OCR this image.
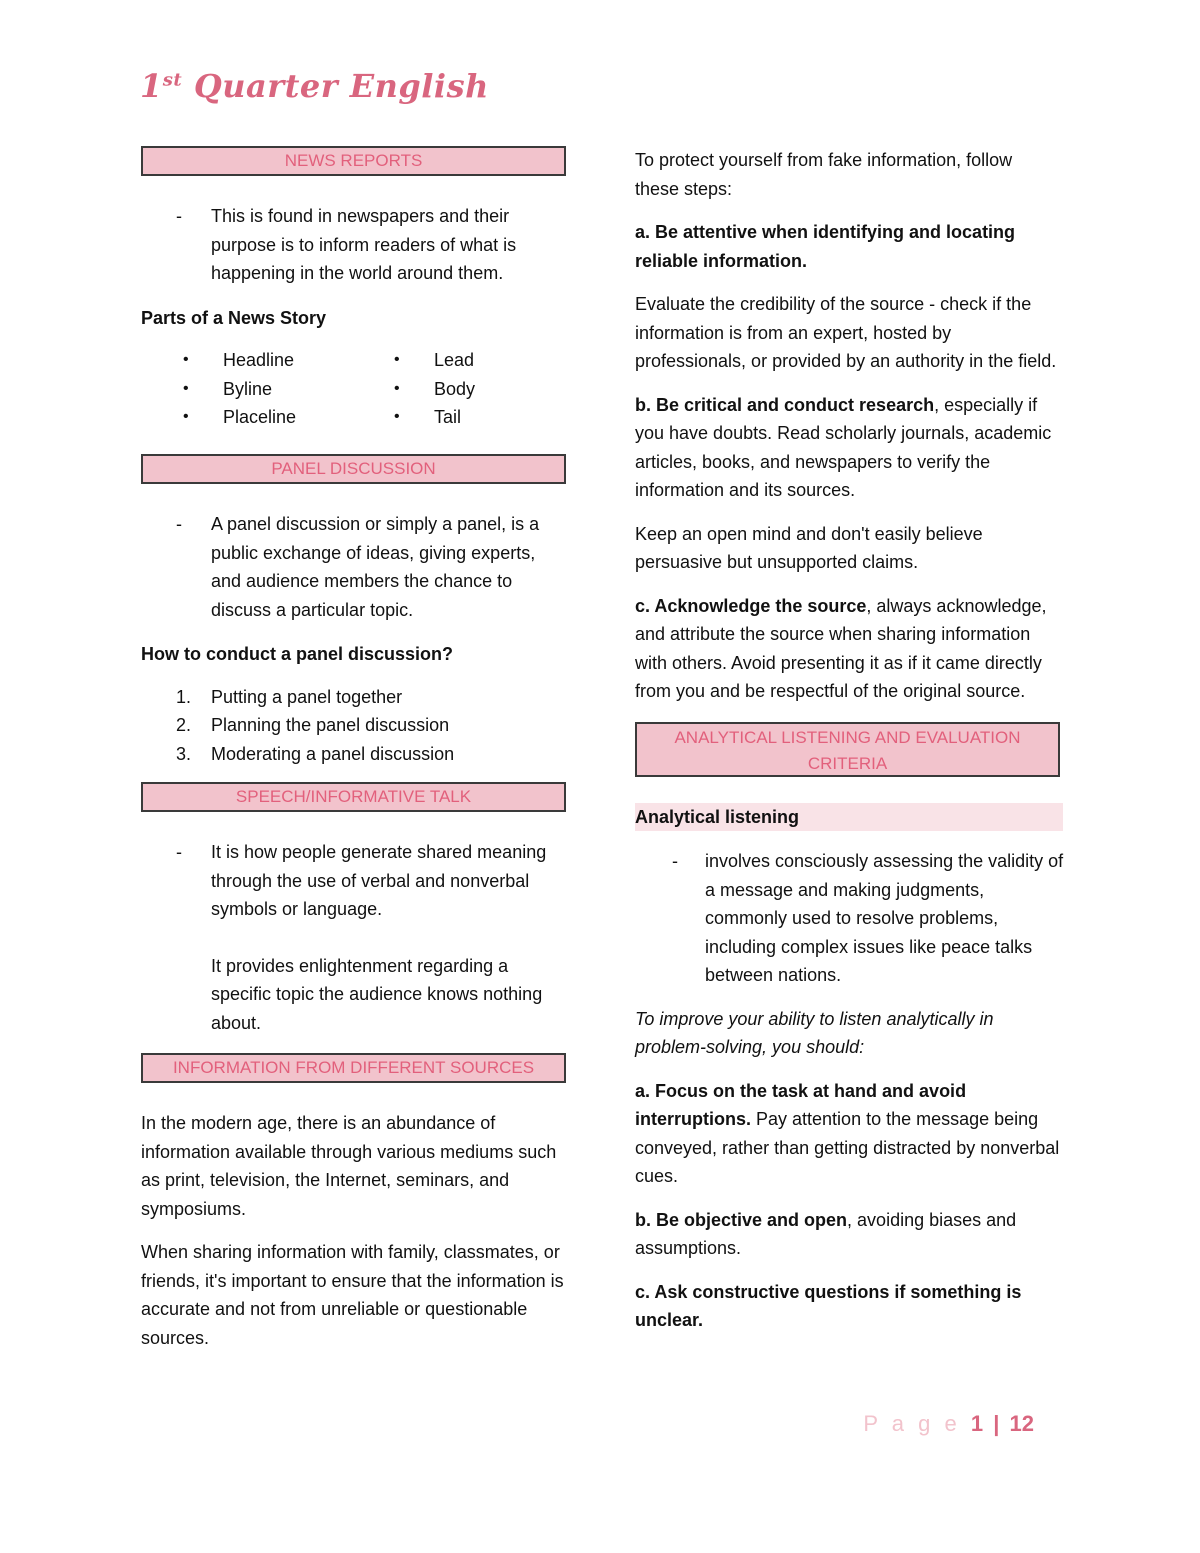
1st Quarter English
NEWS REPORTS
- This is found in newspapers and their purpose is to inform readers of what is happening in the world around them.

Parts of a News Story

• Headline
• Byline
• Placeline
• Lead
• Body
• Tail
PANEL DISCUSSION
- A panel discussion or simply a panel, is a public exchange of ideas, giving experts, and audience members the chance to discuss a particular topic.

How to conduct a panel discussion?

1. Putting a panel together
2. Planning the panel discussion
3. Moderating a panel discussion
SPEECH/INFORMATIVE TALK
- It is how people generate shared meaning through the use of verbal and nonverbal symbols or language.

It provides enlightenment regarding a specific topic the audience knows nothing about.

INFORMATION FROM DIFFERENT SOURCES

In the modern age, there is an abundance of information available through various mediums such as print, television, the Internet, seminars, and symposiums.

When sharing information with family, classmates, or friends, it's important to ensure that the information is accurate and not from unreliable or questionable sources.

To protect yourself from fake information, follow these steps:

a. Be attentive when identifying and locating reliable information.

Evaluate the credibility of the source - check if the information is from an expert, hosted by professionals, or provided by an authority in the field.

b. Be critical and conduct research, especially if you have doubts. Read scholarly journals, academic articles, books, and newspapers to verify the information and its sources.

Keep an open mind and don't easily believe persuasive but unsupported claims.

c. Acknowledge the source, always acknowledge, and attribute the source when sharing information with others. Avoid presenting it as if it came directly from you and be respectful of the original source.

ANALYTICAL LISTENING AND EVALUATION CRITERIA

Analytical listening

- involves consciously assessing the validity of a message and making judgments, commonly used to resolve problems, including complex issues like peace talks between nations.

To improve your ability to listen analytically in problem-solving, you should:

a. Focus on the task at hand and avoid interruptions. Pay attention to the message being conveyed, rather than getting distracted by nonverbal cues.

b. Be objective and open, avoiding biases and assumptions.

c. Ask constructive questions if something is unclear.

P a g e 1 | 12
